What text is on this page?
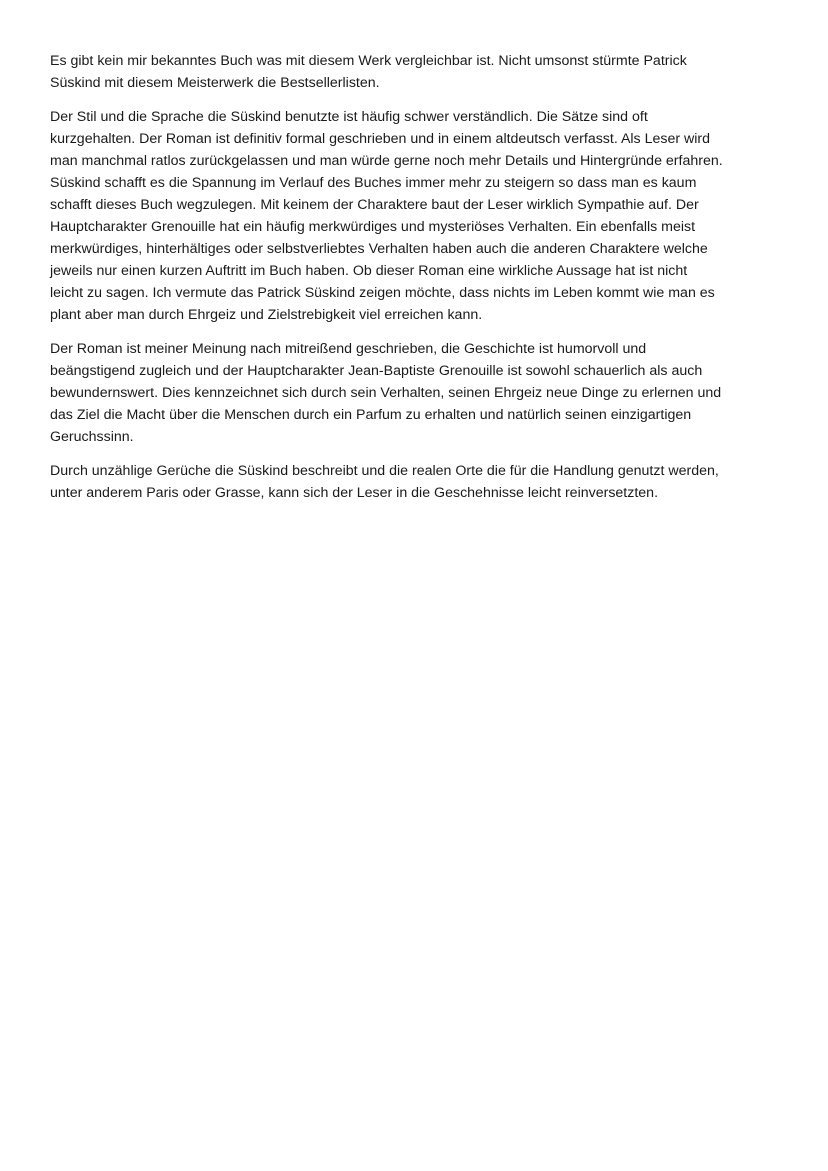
Es gibt kein mir bekanntes Buch was mit diesem Werk vergleichbar ist. Nicht umsonst stürmte Patrick
Süskind mit diesem Meisterwerk die Bestsellerlisten.

Der Stil und die Sprache die Süskind benutzte ist häufig schwer verständlich. Die Sätze sind oft
kurzgehalten. Der Roman ist definitiv formal geschrieben und in einem altdeutsch verfasst. Als Leser wird
man manchmal ratlos zurückgelassen und man würde gerne noch mehr Details und Hintergründe erfahren.
Süskind schafft es die Spannung im Verlauf des Buches immer mehr zu steigern so dass man es kaum
schafft dieses Buch wegzulegen. Mit keinem der Charaktere baut der Leser wirklich Sympathie auf. Der
Hauptcharakter Grenouille hat ein häufig merkwürdiges und mysteriöses Verhalten. Ein ebenfalls meist
merkwürdiges, hinterhältiges oder selbstverliebtes Verhalten haben auch die anderen Charaktere welche
jeweils nur einen kurzen Auftritt im Buch haben. Ob dieser Roman eine wirkliche Aussage hat ist nicht
leicht zu sagen. Ich vermute das Patrick Süskind zeigen möchte, dass nichts im Leben kommt wie man es
plant aber man durch Ehrgeiz und Zielstrebigkeit viel erreichen kann.

Der Roman ist meiner Meinung nach mitreißend geschrieben, die Geschichte ist humorvoll und
beängstigend zugleich und der Hauptcharakter Jean-Baptiste Grenouille ist sowohl schauerlich als auch
bewundernswert. Dies kennzeichnet sich durch sein Verhalten, seinen Ehrgeiz neue Dinge zu erlernen und
das Ziel die Macht über die Menschen durch ein Parfum zu erhalten und natürlich seinen einzigartigen
Geruchssinn.

Durch unzählige Gerüche die Süskind beschreibt und die realen Orte die für die Handlung genutzt werden,
unter anderem Paris oder Grasse, kann sich der Leser in die Geschehnisse leicht reinversetzten.
